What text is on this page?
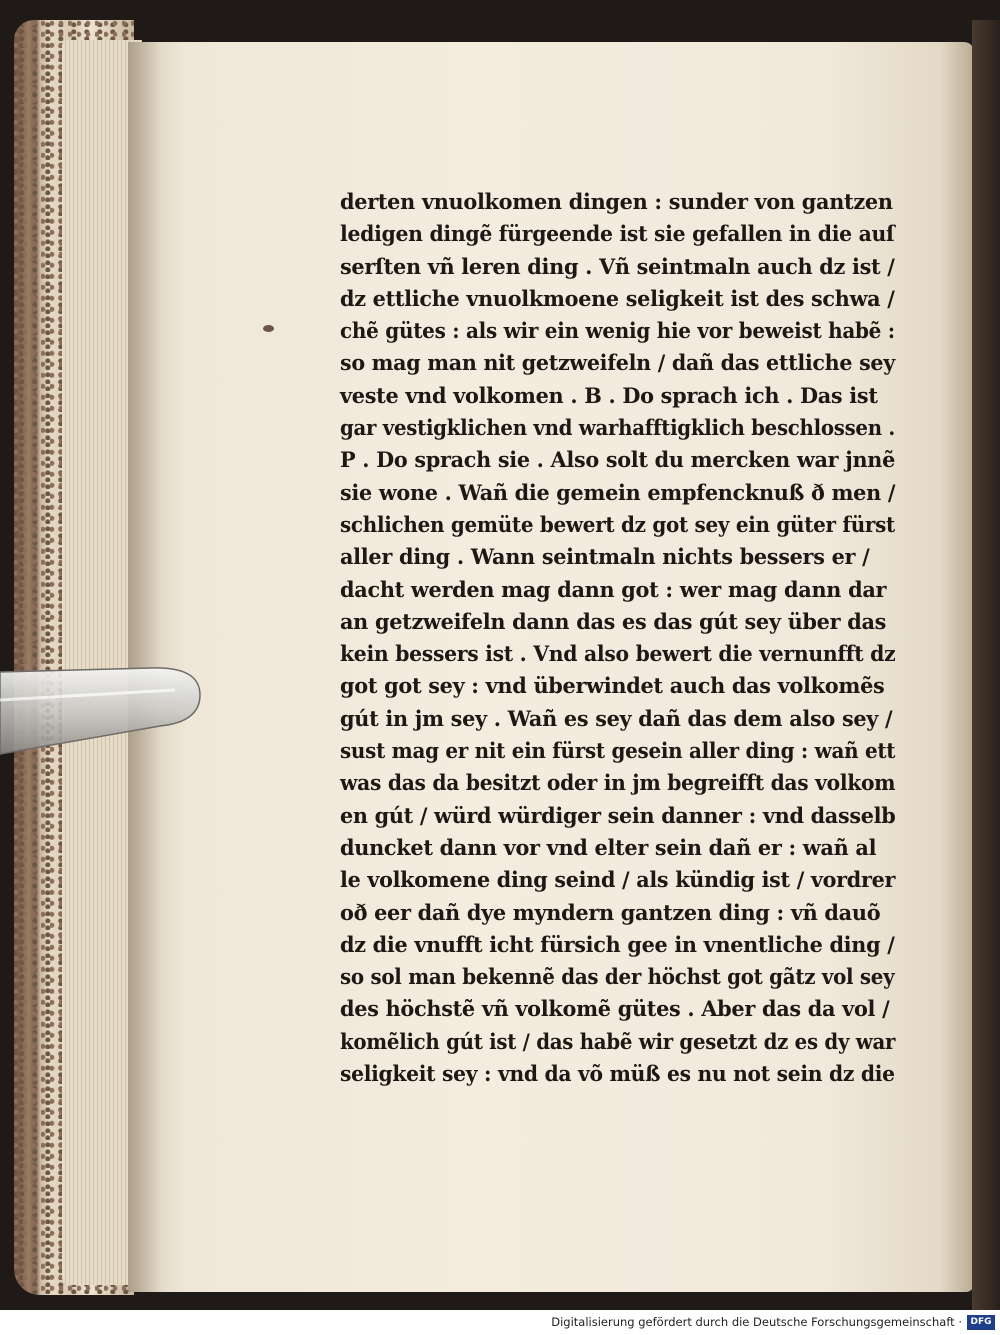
derten vnuolkomen dingen : sunder von gantzen
ledigen dingẽ fürgeende ist sie gefallen in die auſ
serſten vñ leren ding . Vñ seintmaln auch dz ist /
dz ettliche vnuolkmoene seligkeit ist des schwa /
chẽ gütes : als wir ein wenig hie vor beweist habẽ :
so mag man nit getzweifeln / dañ das ettliche sey
veste vnd volkomen . B . Do sprach ich . Das ist
gar vestigklichen vnd warhafftigklich beschlossen .
P . Do sprach sie . Also solt du mercken war jnnẽ
sie wone . Wañ die gemein empfencknuß ð men /
schlichen gemüte bewert dz got sey ein güter fürst
aller ding . Wann seintmaln nichts bessers er /
dacht werden mag dann got : wer mag dann dar
an getzweifeln dann das es das gút sey über das
kein bessers ist . Vnd also bewert die vernunfft dz
got got sey : vnd überwindet auch das volkomẽs
gút in jm sey . Wañ es sey dañ das dem also sey /
sust mag er nit ein fürst gesein aller ding : wañ ett
was das da besitzt oder in jm begreifft das volkom
en gút / würd würdiger sein danner : vnd dasselb
duncket dann vor vnd elter sein dañ er : wañ al
le volkomene ding seind / als kündig ist / vordrer
oð eer dañ dye myndern gantzen ding : vñ dauõ
dz die vnufft icht fürsich gee in vnentliche ding /
so sol man bekennẽ das der höchst got gãtz vol sey
des höchstẽ vñ volkomẽ gütes . Aber das da vol /
komẽlich gút ist / das habẽ wir gesetzt dz es dy war
seligkeit sey : vnd da võ müß es nu not sein dz die
Digitalisierung gefördert durch die Deutsche Forschungsgemeinschaft · DFG
